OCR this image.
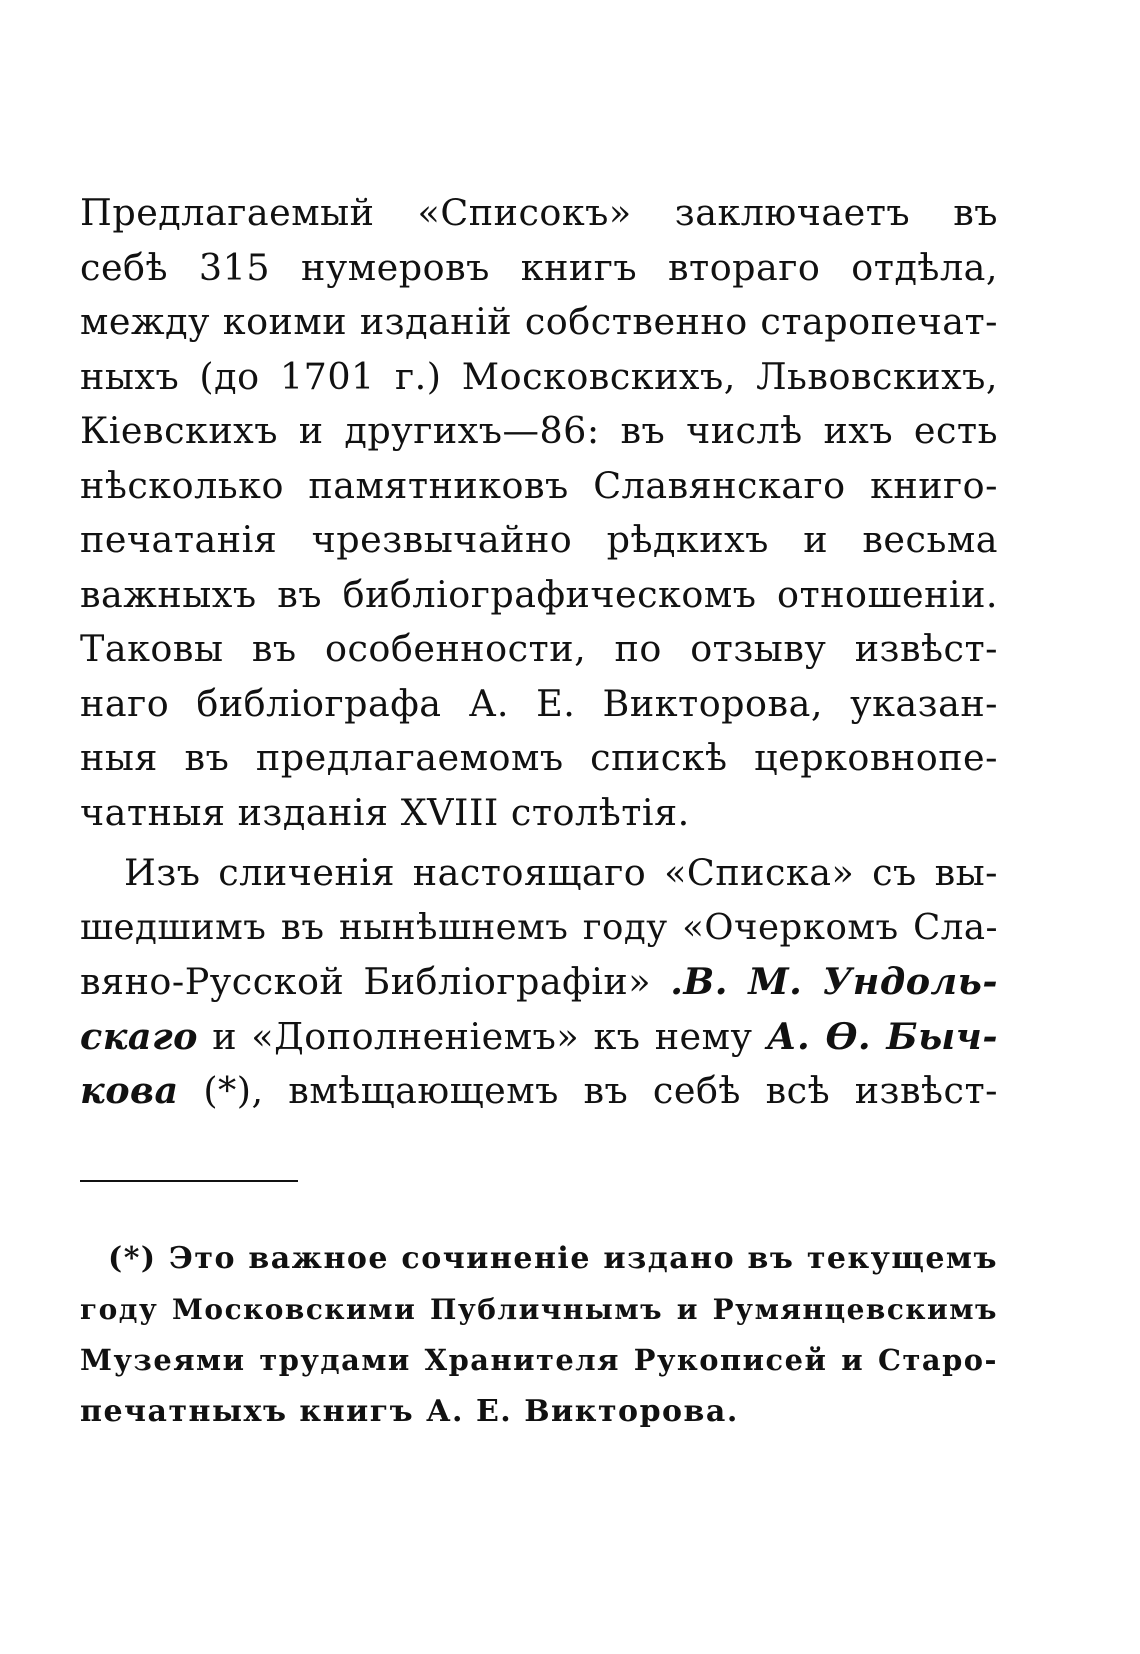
Предлагаемый «Списокъ» заключаетъ въ
себѣ 315 нумеровъ книгъ втораго отдѣла,
между коими изданій собственно старопечат-
ныхъ (до 1701 г.) Московскихъ, Львовскихъ,
Кіевскихъ и другихъ—86: въ числѣ ихъ есть
нѣсколько памятниковъ Славянскаго книго-
печатанія чрезвычайно рѣдкихъ и весьма
важныхъ въ библіографическомъ отношеніи.
Таковы въ особенности, по отзыву извѣст-
наго библіографа А. Е. Викторова, указан-
ныя въ предлагаемомъ спискѣ церковнопе-
чатныя изданія XVIII столѣтія.
Изъ сличенія настоящаго «Списка» съ вы-
шедшимъ въ нынѣшнемъ году «Очеркомъ Сла-
вяно-Русской Библіографіи» .В. М. Ундоль-
скаго и «Дополненіемъ» къ нему А. Ѳ. Быч-
кова (*), вмѣщающемъ въ себѣ всѣ извѣст-
(*) Это важное сочиненіе издано въ текущемъ
году Московскими Публичнымъ и Румянцевскимъ
Музеями трудами Хранителя Рукописей и Старо-
печатныхъ книгъ А. Е. Викторова.
